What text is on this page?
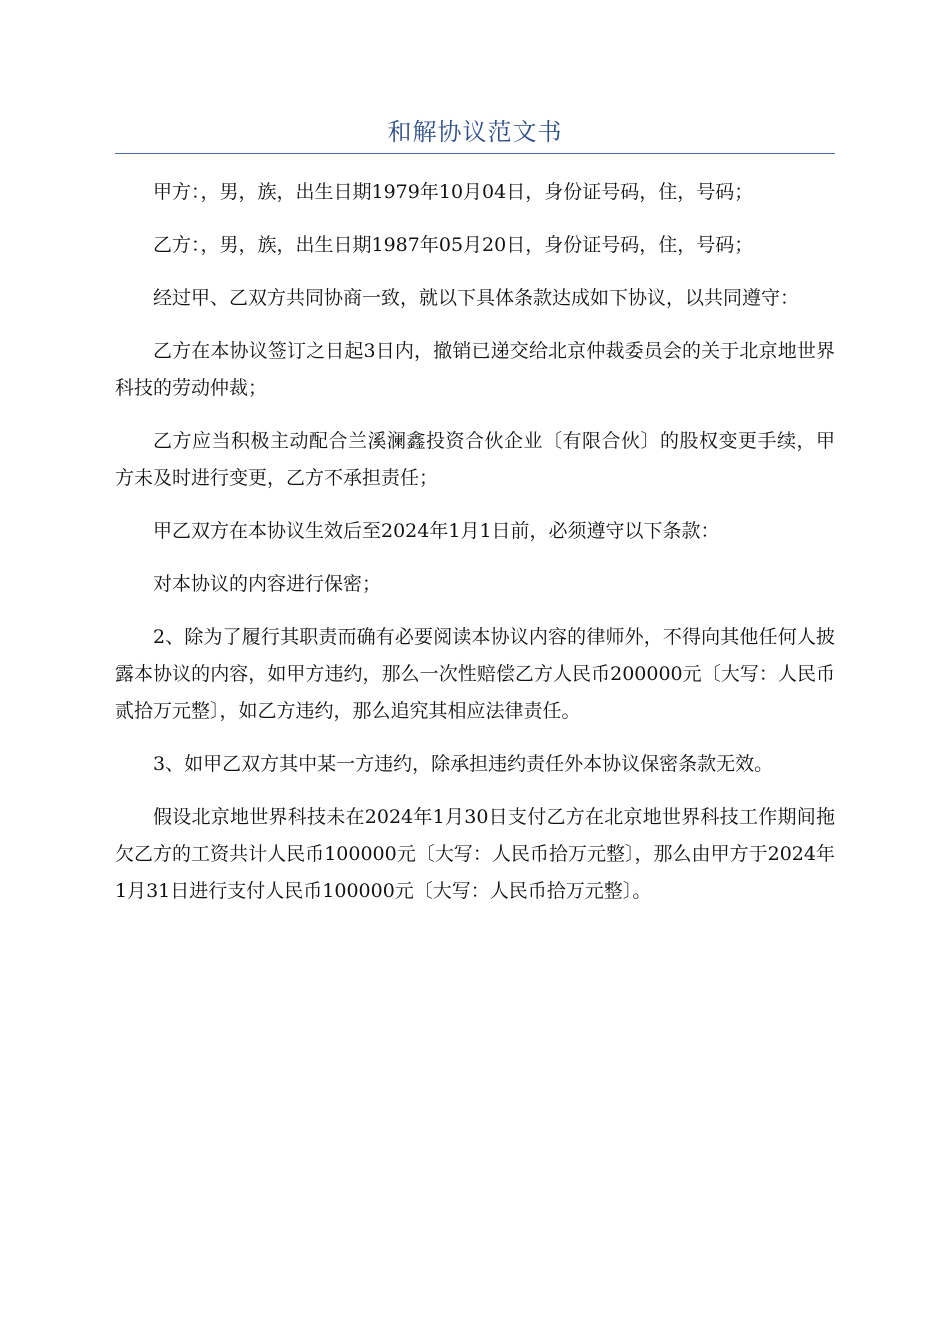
和解协议范文书

甲方：，男，族，出生日期1979年10月04日，身份证号码，住，号码；

乙方：，男，族，出生日期1987年05月20日，身份证号码，住，号码；

经过甲、乙双方共同协商一致，就以下具体条款达成如下协议，以共同遵守：

乙方在本协议签订之日起3日内，撤销已递交给北京仲裁委员会的关于北京地世界科技的劳动仲裁；

乙方应当积极主动配合兰溪澜鑫投资合伙企业〔有限合伙〕的股权变更手续，甲方未及时进行变更，乙方不承担责任；

甲乙双方在本协议生效后至2024年1月1日前，必须遵守以下条款：

对本协议的内容进行保密；

2、除为了履行其职责而确有必要阅读本协议内容的律师外，不得向其他任何人披露本协议的内容，如甲方违约，那么一次性赔偿乙方人民币200000元〔大写：人民币贰拾万元整〕，如乙方违约，那么追究其相应法律责任。

3、如甲乙双方其中某一方违约，除承担违约责任外本协议保密条款无效。

假设北京地世界科技未在2024年1月30日支付乙方在北京地世界科技工作期间拖欠乙方的工资共计人民币100000元〔大写：人民币拾万元整〕，那么由甲方于2024年1月31日进行支付人民币100000元〔大写：人民币拾万元整〕。
